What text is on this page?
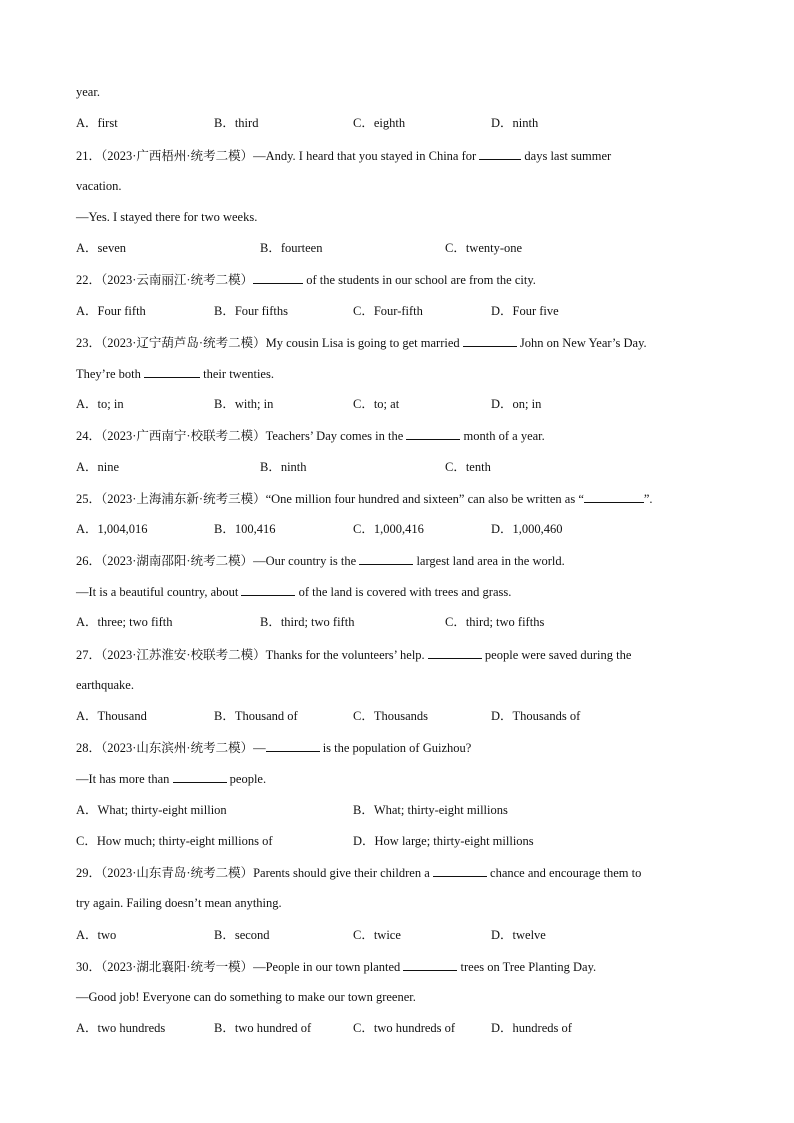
year.
A．first	B．third	C．eighth	D．ninth
21．（2023·广西梧州·统考二模）—Andy. I heard that you stayed in China for	days last summer
vacation.
—Yes. I stayed there for two weeks.
A．seven	B．fourteen	C．twenty-one
22．（2023·云南丽江·统考二模）	of the students in our school are from the city.
A．Four fifth	B．Four fifths	C．Four-fifth	D．Four five
23．（2023·辽宁葫芦岛·统考二模）My cousin Lisa is going to get married	John on New Year’s Day.
They’re both	their twenties.
A．to; in	B．with; in	C．to; at	D．on; in
24．（2023·广西南宁·校联考二模）Teachers’ Day comes in the	month of a year.
A．nine	B．ninth	C．tenth
25．（2023·上海浦东新·统考三模）“One million four hundred and sixteen” can also be written as “	”.
A．1,004,016	B．100,416	C．1,000,416	D．1,000,460
26．（2023·湖南邵阳·统考二模）—Our country is the	largest land area in the world.
—It is a beautiful country, about	of the land is covered with trees and grass.
A．three; two fifth	B．third; two fifth	C．third; two fifths
27．（2023·江苏淮安·校联考二模）Thanks for the volunteers’ help.	people were saved during the
earthquake.
A．Thousand	B．Thousand of	C．Thousands	D．Thousands of
28．（2023·山东滨州·统考二模）—	is the population of Guizhou?
—It has more than	people.
A．What; thirty-eight million	B．What; thirty-eight millions
C．How much; thirty-eight millions of	D．How large; thirty-eight millions
29．（2023·山东青岛·统考二模）Parents should give their children a	chance and encourage them to
try again. Failing doesn’t mean anything.
A．two	B．second	C．twice	D．twelve
30．（2023·湖北襄阳·统考一模）—People in our town planted	trees on Tree Planting Day.
—Good job! Everyone can do something to make our town greener.
A．two hundreds	B．two hundred of	C．two hundreds of	D．hundreds of
